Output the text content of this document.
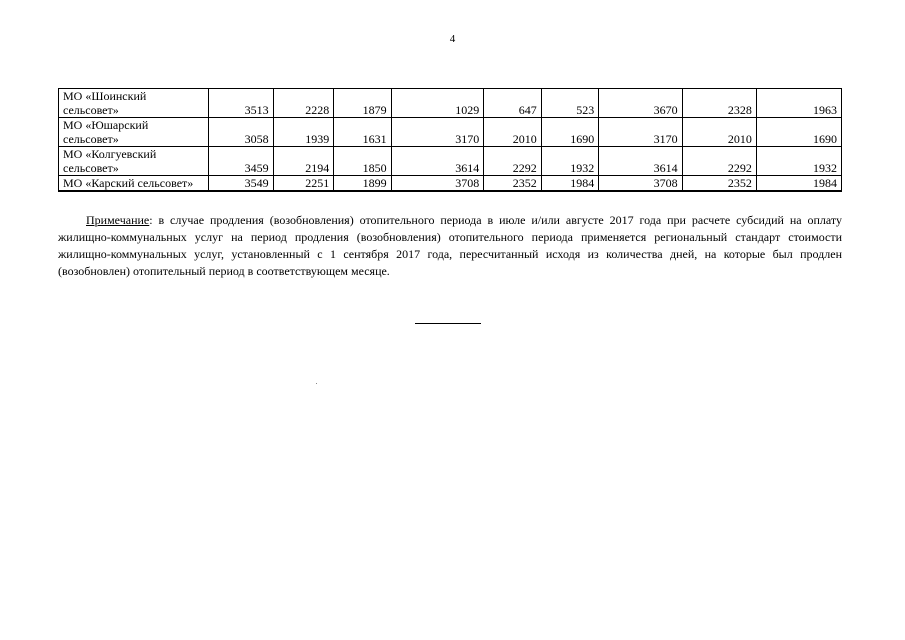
4
МО «Шоинский сельсовет»	3513	2228	1879	1029	647	523	3670	2328	1963
МО «Юшарский сельсовет»	3058	1939	1631	3170	2010	1690	3170	2010	1690
МО «Колгуевский сельсовет»	3459	2194	1850	3614	2292	1932	3614	2292	1932
МО «Карский сельсовет»	3549	2251	1899	3708	2352	1984	3708	2352	1984
Примечание: в случае продления (возобновления) отопительного периода в июле и/или августе 2017 года при расчете субсидий на оплату жилищно-коммунальных услуг на период продления (возобновления) отопительного периода применяется региональный стандарт стоимости жилищно-коммунальных услуг, установленный с 1 сентября 2017 года, пересчитанный исходя из количества дней, на которые был продлен (возобновлен) отопительный период в соответствующем месяце.
